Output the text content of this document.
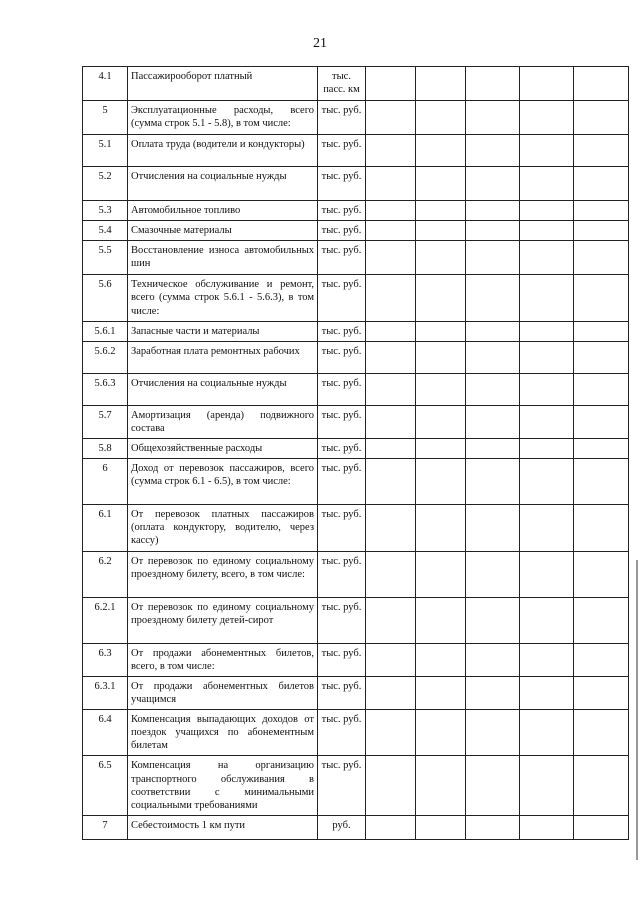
21
4.1	Пассажирооборот платный	тыс. пасс. км					
5	Эксплуатационные расходы, всего (сумма строк 5.1 - 5.8), в том числе:	тыс. руб.					
5.1	Оплата труда (водители и кондукторы)	тыс. руб.					
5.2	Отчисления на социальные нужды	тыс. руб.					
5.3	Автомобильное топливо	тыс. руб.					
5.4	Смазочные материалы	тыс. руб.					
5.5	Восстановление износа автомобильных шин	тыс. руб.					
5.6	Техническое обслуживание и ремонт, всего (сумма строк 5.6.1 - 5.6.3), в том числе:	тыс. руб.					
5.6.1	Запасные части и материалы	тыс. руб.					
5.6.2	Заработная плата ремонтных рабочих	тыс. руб.					
5.6.3	Отчисления на социальные нужды	тыс. руб.					
5.7	Амортизация (аренда) подвижного состава	тыс. руб.					
5.8	Общехозяйственные расходы	тыс. руб.					
6	Доход от перевозок пассажиров, всего (сумма строк 6.1 - 6.5), в том числе:	тыс. руб.					
6.1	От перевозок платных пассажиров (оплата кондуктору, водителю, через кассу)	тыс. руб.					
6.2	От перевозок по единому социальному проездному билету, всего, в том числе:	тыс. руб.					
6.2.1	От перевозок по единому социальному проездному билету детей-сирот	тыс. руб.					
6.3	От продажи абонементных билетов, всего, в том числе:	тыс. руб.					
6.3.1	От продажи абонементных билетов учащимся	тыс. руб.					
6.4	Компенсация выпадающих доходов от поездок учащихся по абонементным билетам	тыс. руб.					
6.5	Компенсация на организацию транспортного обслуживания в соответствии с минимальными социальными требованиями	тыс. руб.					
7	Себестоимость 1 км пути	руб.					
